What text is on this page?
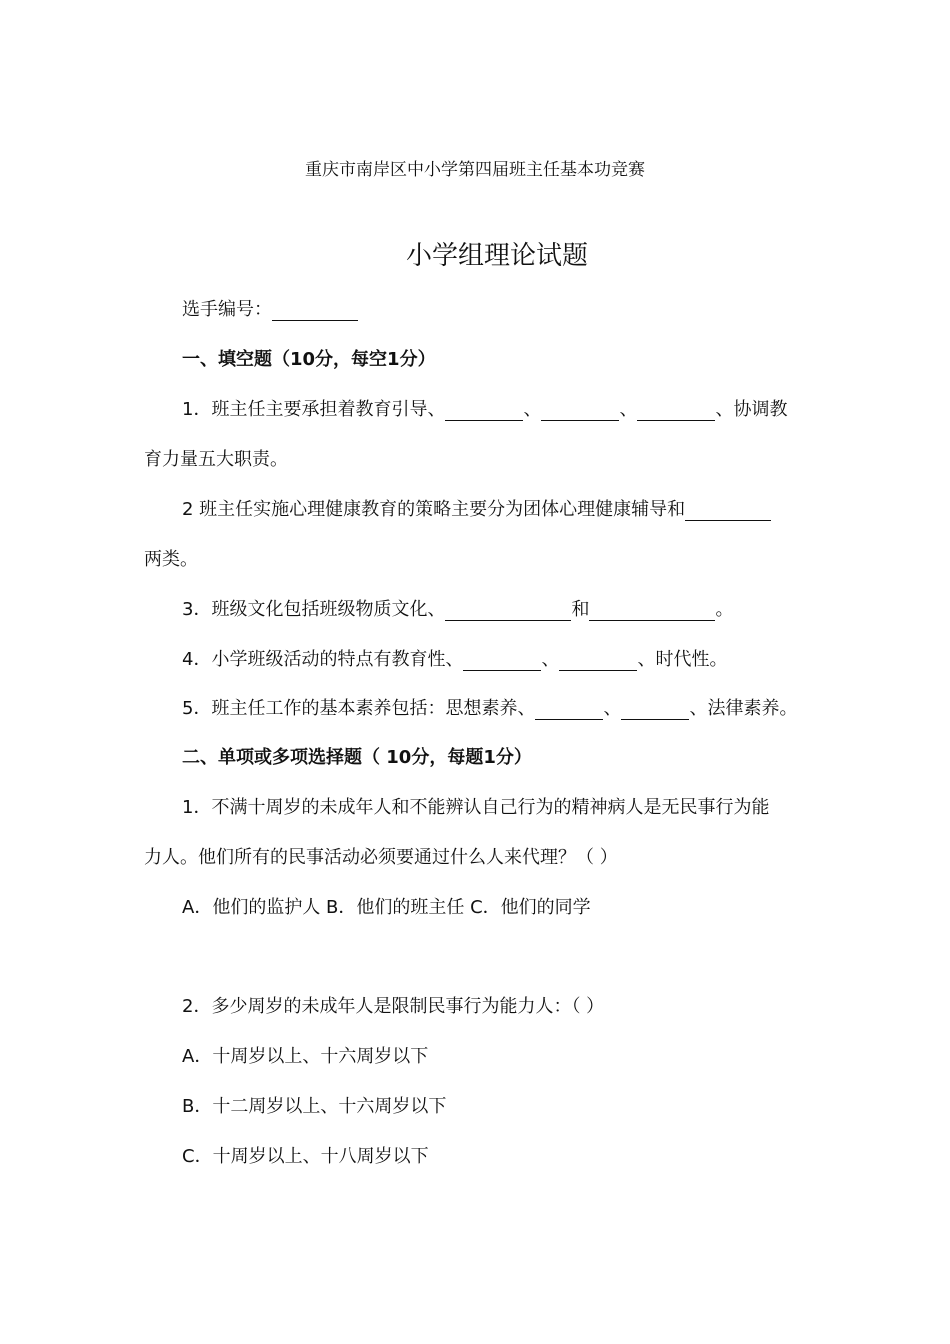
重庆市南岸区中小学第四届班主任基本功竞赛
小学组理论试题
选手编号：
一、填空题（10分，每空1分）
1．班主任主要承担着教育引导、	、	、	、协调教
育力量五大职责。
2 班主任实施心理健康教育的策略主要分为团体心理健康辅导和
两类。
3．班级文化包括班级物质文化、	和	。
4．小学班级活动的特点有教育性、	、	、时代性。
5．班主任工作的基本素养包括：思想素养、	、	、法律素养。
二、单项或多项选择题（ 10分，每题1分）
1．不满十周岁的未成年人和不能辨认自己行为的精神病人是无民事行为能
力人。他们所有的民事活动必须要通过什么人来代理？（ ）
A．他们的监护人 B．他们的班主任 C．他们的同学
2．多少周岁的未成年人是限制民事行为能力人：（ ）
A．十周岁以上、十六周岁以下
B．十二周岁以上、十六周岁以下
C．十周岁以上、十八周岁以下
